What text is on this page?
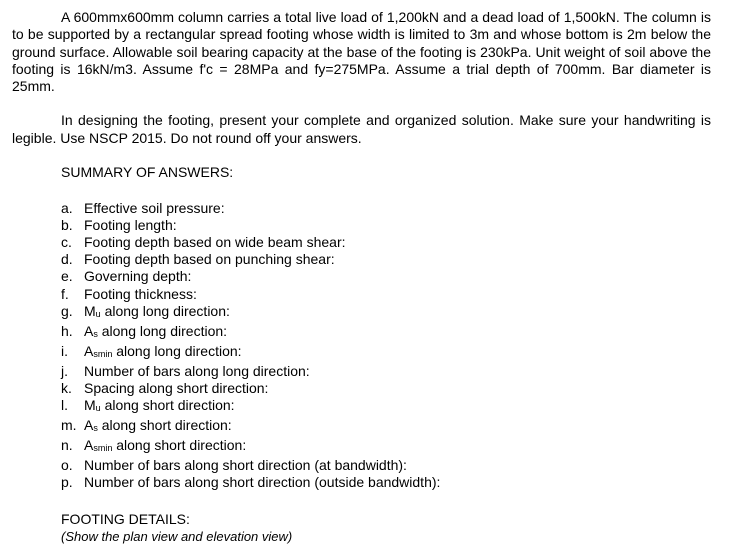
A 600mmx600mm column carries a total live load of 1,200kN and a dead load of 1,500kN. The column is to be supported by a rectangular spread footing whose width is limited to 3m and whose bottom is 2m below the ground surface. Allowable soil bearing capacity at the base of the footing is 230kPa. Unit weight of soil above the footing is 16kN/m3. Assume f'c = 28MPa and fy=275MPa. Assume a trial depth of 700mm. Bar diameter is 25mm.

In designing the footing, present your complete and organized solution. Make sure your handwriting is legible. Use NSCP 2015. Do not round off your answers.

SUMMARY OF ANSWERS:
a. Effective soil pressure:
b. Footing length:
c. Footing depth based on wide beam shear:
d. Footing depth based on punching shear:
e. Governing depth:
f.	Footing thickness:
g. Mu along long direction:
h. As along long direction:
i.	Asmin along long direction:
j.	Number of bars along long direction:
k. Spacing along short direction:
l.	Mu along short direction:
m. As along short direction:
n. Asmin along short direction:
o. Number of bars along short direction (at bandwidth):
p. Number of bars along short direction (outside bandwidth):
FOOTING DETAILS:
(Show the plan view and elevation view)
